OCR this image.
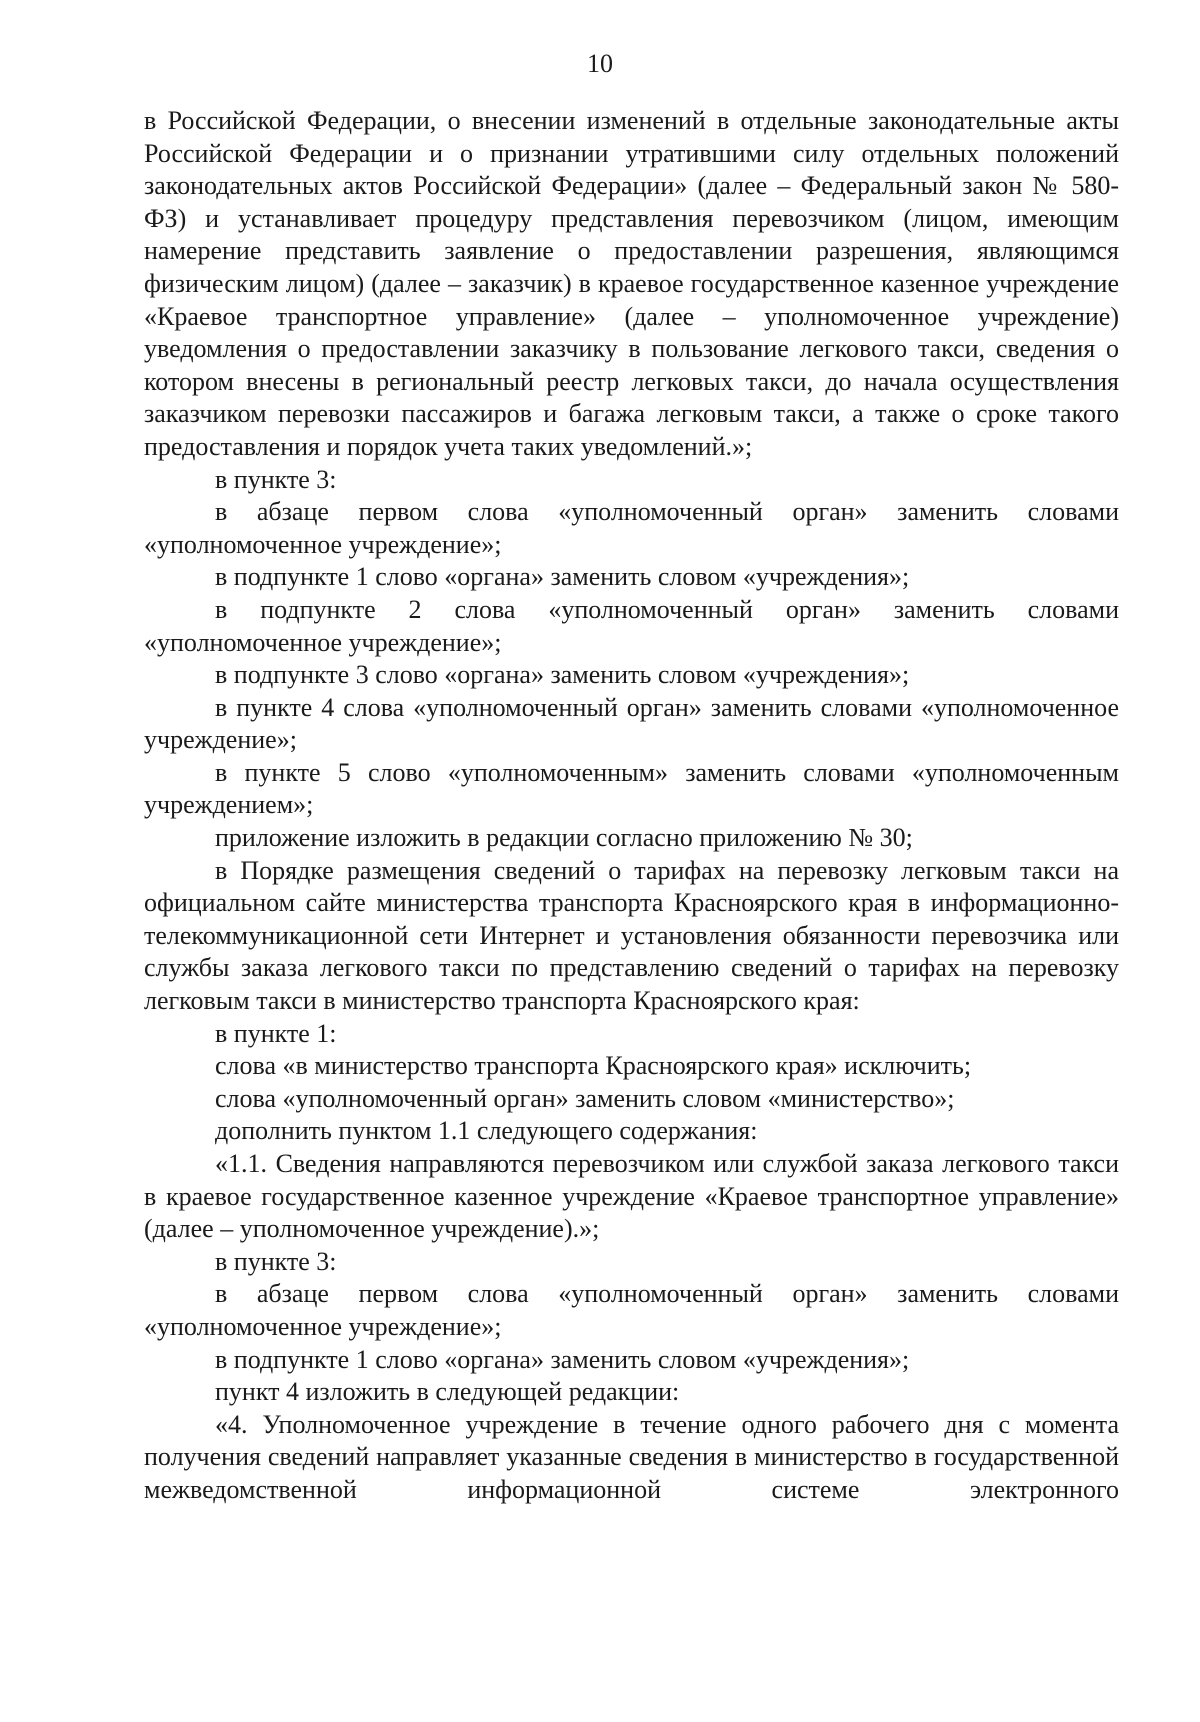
10

в Российской Федерации, о внесении изменений в отдельные законодательные акты Российской Федерации и о признании утратившими силу отдельных положений законодательных актов Российской Федерации» (далее – Федеральный закон № 580-ФЗ) и устанавливает процедуру представления перевозчиком (лицом, имеющим намерение представить заявление о предоставлении разрешения, являющимся физическим лицом) (далее – заказчик) в краевое государственное казенное учреждение «Краевое транспортное управление» (далее – уполномоченное учреждение) уведомления о предоставлении заказчику в пользование легкового такси, сведения о котором внесены в региональный реестр легковых такси, до начала осуществления заказчиком перевозки пассажиров и багажа легковым такси, а также о сроке такого предоставления и порядок учета таких уведомлений.»;

в пункте 3:

в абзаце первом слова «уполномоченный орган» заменить словами «уполномоченное учреждение»;

в подпункте 1 слово «органа» заменить словом «учреждения»;

в подпункте 2 слова «уполномоченный орган» заменить словами «уполномоченное учреждение»;

в подпункте 3 слово «органа» заменить словом «учреждения»;

в пункте 4 слова «уполномоченный орган» заменить словами «уполномоченное учреждение»;

в пункте 5 слово «уполномоченным» заменить словами «уполномоченным учреждением»;

приложение изложить в редакции согласно приложению № 30;

в Порядке размещения сведений о тарифах на перевозку легковым такси на официальном сайте министерства транспорта Красноярского края в информационно-телекоммуникационной сети Интернет и установления обязанности перевозчика или службы заказа легкового такси по представлению сведений о тарифах на перевозку легковым такси в министерство транспорта Красноярского края:

в пункте 1:

слова «в министерство транспорта Красноярского края» исключить;

слова «уполномоченный орган» заменить словом «министерство»;

дополнить пунктом 1.1 следующего содержания:

«1.1. Сведения направляются перевозчиком или службой заказа легкового такси в краевое государственное казенное учреждение «Краевое транспортное управление» (далее – уполномоченное учреждение).»;

в пункте 3:

в абзаце первом слова «уполномоченный орган» заменить словами «уполномоченное учреждение»;

в подпункте 1 слово «органа» заменить словом «учреждения»;

пункт 4 изложить в следующей редакции:

«4. Уполномоченное учреждение в течение одного рабочего дня с момента получения сведений направляет указанные сведения в министерство в государственной межведомственной информационной системе электронного
